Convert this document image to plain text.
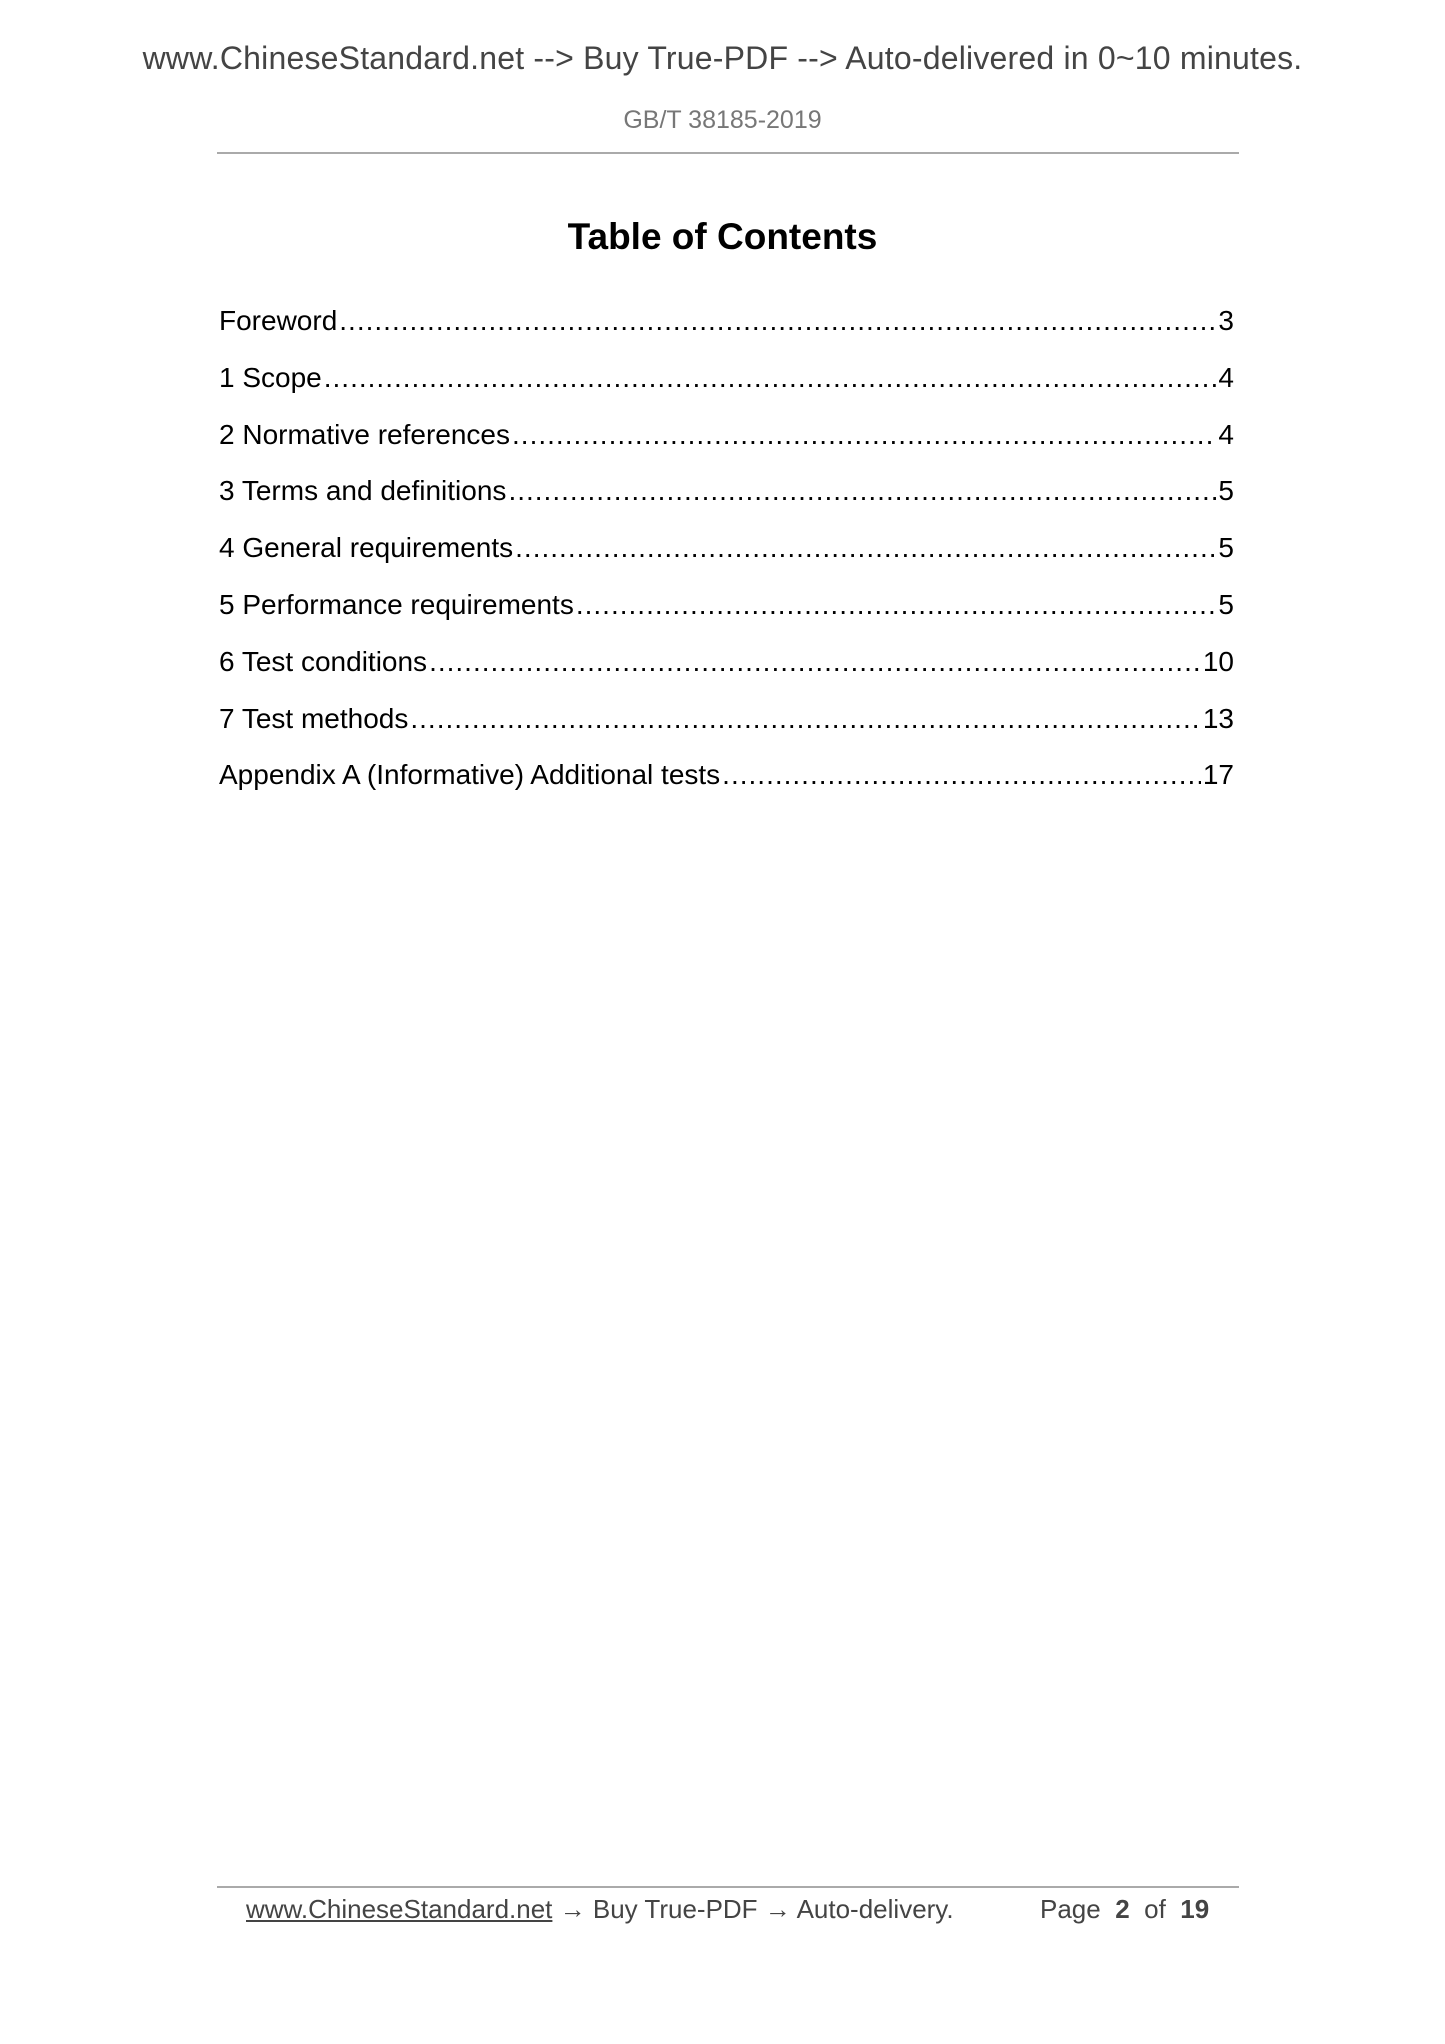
www.ChineseStandard.net --> Buy True-PDF --> Auto-delivered in 0~10 minutes.
GB/T 38185-2019
Table of Contents
Foreword .....	3
1 Scope .....	4
2 Normative references .....	4
3 Terms and definitions .....	5
4 General requirements .....	5
5 Performance requirements .....	5
6 Test conditions .....	10
7 Test methods .....	13
Appendix A (Informative) Additional tests .....	17
www.ChineseStandard.net → Buy True-PDF → Auto-delivery.	Page 2 of 19
